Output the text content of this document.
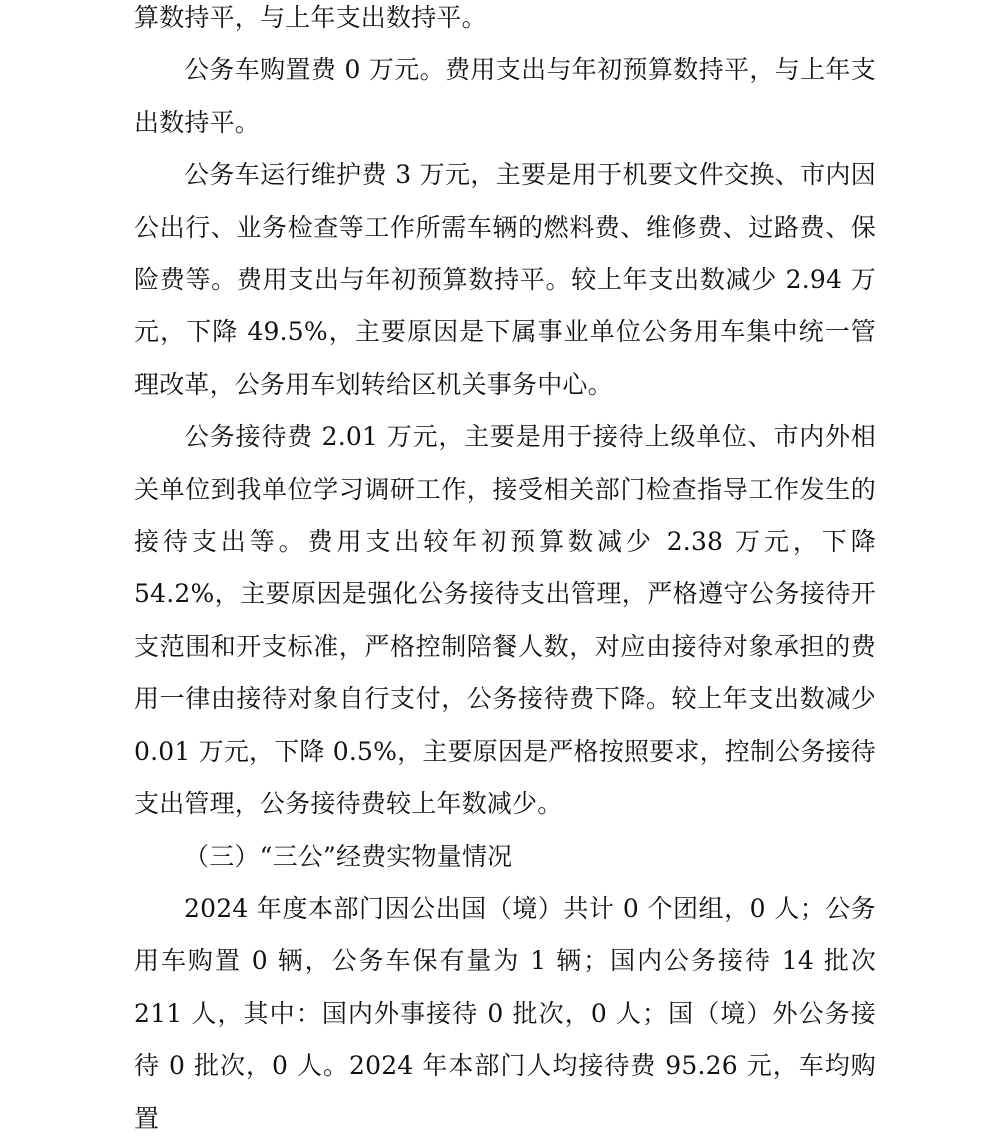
算数持平，与上年支出数持平。

公务车购置费 0 万元。费用支出与年初预算数持平，与上年支出数持平。

公务车运行维护费 3 万元，主要是用于机要文件交换、市内因公出行、业务检查等工作所需车辆的燃料费、维修费、过路费、保险费等。费用支出与年初预算数持平。较上年支出数减少 2.94 万元，下降 49.5%，主要原因是下属事业单位公务用车集中统一管理改革，公务用车划转给区机关事务中心。

公务接待费 2.01 万元，主要是用于接待上级单位、市内外相关单位到我单位学习调研工作，接受相关部门检查指导工作发生的接待支出等。费用支出较年初预算数减少 2.38 万元，下降 54.2%，主要原因是强化公务接待支出管理，严格遵守公务接待开支范围和开支标准，严格控制陪餐人数，对应由接待对象承担的费用一律由接待对象自行支付，公务接待费下降。较上年支出数减少 0.01 万元，下降 0.5%，主要原因是严格按照要求，控制公务接待支出管理，公务接待费较上年数减少。

（三）“三公”经费实物量情况

2024 年度本部门因公出国（境）共计 0 个团组，0 人；公务用车购置 0 辆，公务车保有量为 1 辆；国内公务接待 14 批次 211 人，其中：国内外事接待 0 批次，0 人；国（境）外公务接待 0 批次，0 人。2024 年本部门人均接待费 95.26 元，车均购置
